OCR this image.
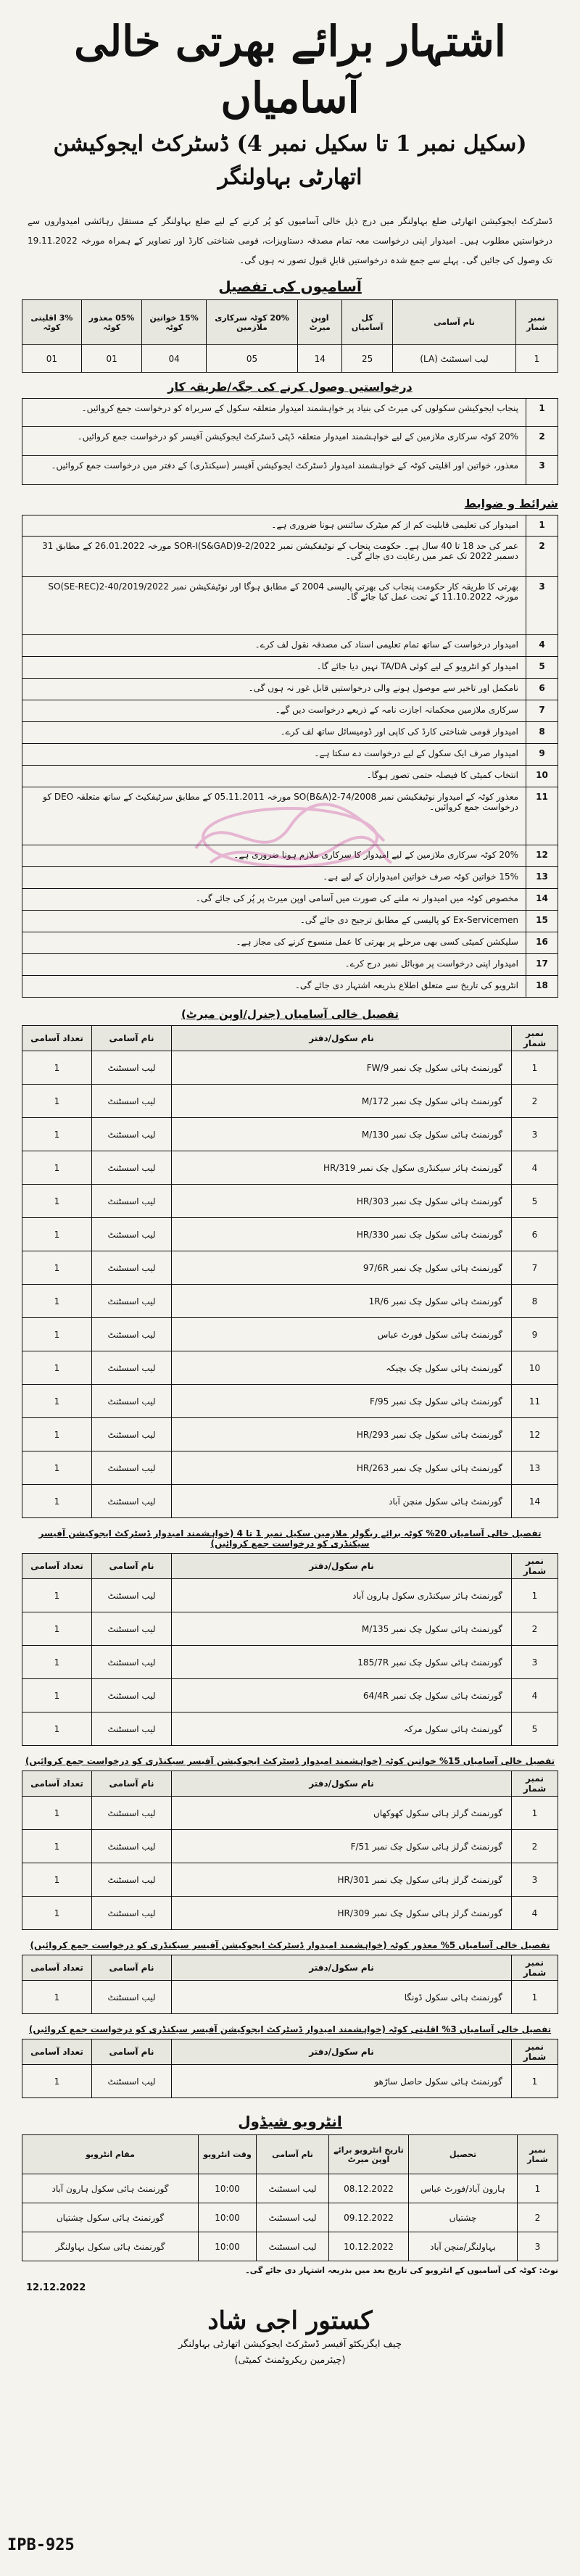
اشتہار برائے بھرتی خالی آسامیاں
(سکیل نمبر 1 تا سکیل نمبر 4) ڈسٹرکٹ ایجوکیشن اتھارٹی بہاولنگر

ڈسٹرکٹ ایجوکیشن اتھارٹی ضلع بہاولنگر میں درج ذیل خالی آسامیوں کو پُر کرنے کے لیے ضلع بہاولنگر کے مستقل رہائشی امیدواروں سے درخواستیں مطلوب ہیں۔ امیدوار اپنی درخواست معہ تمام مصدقہ دستاویزات، قومی شناختی کارڈ اور تصاویر کے ہمراہ مورخہ 19.11.2022 تک وصول کی جائیں گی۔ پہلے سے جمع شدہ درخواستیں قابلِ قبول تصور نہ ہوں گی۔

آسامیوں کی تفصیل
نمبر شمار	نام آسامی	کل آسامیاں	اوپن میرٹ	20% کوٹہ سرکاری ملازمین	15% خواتین کوٹہ	05% معذور کوٹہ	3% اقلیتی کوٹہ
1	لیب اسسٹنٹ (LA)	25	14	05	04	01	01
درخواستیں وصول کرنے کی جگہ/طریقہ کار
1
پنجاب ایجوکیشن سکولوں کی میرٹ کی بنیاد پر خواہشمند امیدوار متعلقہ سکول کے سربراہ کو درخواست جمع کروائیں۔
2
20% کوٹہ سرکاری ملازمین کے لیے خواہشمند امیدوار متعلقہ ڈپٹی ڈسٹرکٹ ایجوکیشن آفیسر کو درخواست جمع کروائیں۔
3
معذور، خواتین اور اقلیتی کوٹہ کے خواہشمند امیدوار ڈسٹرکٹ ایجوکیشن آفیسر (سیکنڈری) کے دفتر میں درخواست جمع کروائیں۔
شرائط و ضوابط
1
امیدوار کی تعلیمی قابلیت کم از کم میٹرک سائنس ہونا ضروری ہے۔
2
عمر کی حد 18 تا 40 سال ہے۔ حکومت پنجاب کے نوٹیفکیشن نمبر SOR-I(S&GAD)9-2/2022 مورخہ 26.01.2022 کے مطابق 31 دسمبر 2022 تک عمر میں رعایت دی جائے گی۔
3
بھرتی کا طریقہ کار حکومت پنجاب کی بھرتی پالیسی 2004 کے مطابق ہوگا اور نوٹیفکیشن نمبر SO(SE-REC)2-40/2019/2022 مورخہ 11.10.2022 کے تحت عمل کیا جائے گا۔
4
امیدوار درخواست کے ساتھ تمام تعلیمی اسناد کی مصدقہ نقول لف کرے۔
5
امیدوار کو انٹرویو کے لیے کوئی TA/DA نہیں دیا جائے گا۔
6
نامکمل اور تاخیر سے موصول ہونے والی درخواستیں قابل غور نہ ہوں گی۔
7
سرکاری ملازمین محکمانہ اجازت نامہ کے ذریعے درخواست دیں گے۔
8
امیدوار قومی شناختی کارڈ کی کاپی اور ڈومیسائل ساتھ لف کرے۔
9
امیدوار صرف ایک سکول کے لیے درخواست دے سکتا ہے۔
10
انتخاب کمیٹی کا فیصلہ حتمی تصور ہوگا۔
11
معذور کوٹہ کے امیدوار نوٹیفکیشن نمبر SO(B&A)2-74/2008 مورخہ 05.11.2011 کے مطابق سرٹیفکیٹ کے ساتھ متعلقہ DEO کو درخواست جمع کروائیں۔
12
20% کوٹہ سرکاری ملازمین کے لیے امیدوار کا سرکاری ملازم ہونا ضروری ہے۔
13
15% خواتین کوٹہ صرف خواتین امیدواران کے لیے ہے۔
14
مخصوص کوٹہ میں امیدوار نہ ملنے کی صورت میں آسامی اوپن میرٹ پر پُر کی جائے گی۔
15
Ex-Servicemen کو پالیسی کے مطابق ترجیح دی جائے گی۔
16
سلیکشن کمیٹی کسی بھی مرحلے پر بھرتی کا عمل منسوخ کرنے کی مجاز ہے۔
17
امیدوار اپنی درخواست پر موبائل نمبر درج کرے۔
18
انٹرویو کی تاریخ سے متعلق اطلاع بذریعہ اشتہار دی جائے گی۔
تفصیل خالی آسامیاں (جنرل/اوپن میرٹ)
نمبر شمار	نام سکول/دفتر	نام آسامی	تعداد آسامی
1	گورنمنٹ ہائی سکول چک نمبر 9/FW	لیب اسسٹنٹ	1
2	گورنمنٹ ہائی سکول چک نمبر 172/M	لیب اسسٹنٹ	1
3	گورنمنٹ ہائی سکول چک نمبر 130/M	لیب اسسٹنٹ	1
4	گورنمنٹ ہائر سیکنڈری سکول چک نمبر 319/HR	لیب اسسٹنٹ	1
5	گورنمنٹ ہائی سکول چک نمبر 303/HR	لیب اسسٹنٹ	1
6	گورنمنٹ ہائی سکول چک نمبر 330/HR	لیب اسسٹنٹ	1
7	گورنمنٹ ہائی سکول چک نمبر 97/6R	لیب اسسٹنٹ	1
8	گورنمنٹ ہائی سکول چک نمبر 1R/6	لیب اسسٹنٹ	1
9	گورنمنٹ ہائی سکول فورٹ عباس	لیب اسسٹنٹ	1
10	گورنمنٹ ہائی سکول چک بچیکہ	لیب اسسٹنٹ	1
11	گورنمنٹ ہائی سکول چک نمبر 95/F	لیب اسسٹنٹ	1
12	گورنمنٹ ہائی سکول چک نمبر 293/HR	لیب اسسٹنٹ	1
13	گورنمنٹ ہائی سکول چک نمبر 263/HR	لیب اسسٹنٹ	1
14	گورنمنٹ ہائی سکول منچن آباد	لیب اسسٹنٹ	1
تفصیل خالی آسامیاں 20% کوٹہ برائے ریگولر ملازمین سکیل نمبر 1 تا 4 (خواہشمند امیدوار ڈسٹرکٹ ایجوکیشن آفیسر سیکنڈری کو درخواست جمع کروائیں)
نمبر شمار	نام سکول/دفتر	نام آسامی	تعداد آسامی
1	گورنمنٹ ہائر سیکنڈری سکول ہارون آباد	لیب اسسٹنٹ	1
2	گورنمنٹ ہائی سکول چک نمبر 135/M	لیب اسسٹنٹ	1
3	گورنمنٹ ہائی سکول چک نمبر 185/7R	لیب اسسٹنٹ	1
4	گورنمنٹ ہائی سکول چک نمبر 64/4R	لیب اسسٹنٹ	1
5	گورنمنٹ ہائی سکول مرکہ	لیب اسسٹنٹ	1
تفصیل خالی آسامیاں 15% خواتین کوٹہ (خواہشمند امیدوار ڈسٹرکٹ ایجوکیشن آفیسر سیکنڈری کو درخواست جمع کروائیں)
نمبر شمار	نام سکول/دفتر	نام آسامی	تعداد آسامی
1	گورنمنٹ گرلز ہائی سکول کھوکھاں	لیب اسسٹنٹ	1
2	گورنمنٹ گرلز ہائی سکول چک نمبر 51/F	لیب اسسٹنٹ	1
3	گورنمنٹ گرلز ہائی سکول چک نمبر 301/HR	لیب اسسٹنٹ	1
4	گورنمنٹ گرلز ہائی سکول چک نمبر 309/HR	لیب اسسٹنٹ	1
تفصیل خالی آسامیاں 5% معذور کوٹہ (خواہشمند امیدوار ڈسٹرکٹ ایجوکیشن آفیسر سیکنڈری کو درخواست جمع کروائیں)
نمبر شمار	نام سکول/دفتر	نام آسامی	تعداد آسامی
1	گورنمنٹ ہائی سکول ڈونگا	لیب اسسٹنٹ	1
تفصیل خالی آسامیاں 3% اقلیتی کوٹہ (خواہشمند امیدوار ڈسٹرکٹ ایجوکیشن آفیسر سیکنڈری کو درخواست جمع کروائیں)
نمبر شمار	نام سکول/دفتر	نام آسامی	تعداد آسامی
1	گورنمنٹ ہائی سکول حاصل ساڑھو	لیب اسسٹنٹ	1
انٹرویو شیڈول
نمبر شمار	تحصیل	تاریخ انٹرویو برائے اوپن میرٹ	نام آسامی	وقت انٹرویو	مقام انٹرویو
1	ہارون آباد/فورٹ عباس	08.12.2022	لیب اسسٹنٹ	10:00	گورنمنٹ ہائی سکول ہارون آباد
2	چشتیاں	09.12.2022	لیب اسسٹنٹ	10:00	گورنمنٹ ہائی سکول چشتیاں
3	بہاولنگر/منچن آباد	10.12.2022	لیب اسسٹنٹ	10:00	گورنمنٹ ہائی سکول بہاولنگر
نوٹ: کوٹہ کی آسامیوں کے انٹرویو کی تاریخ بعد میں بذریعہ اشتہار دی جائے گی۔
12.12.2022
کستور اجی شاد
چیف ایگزیکٹو آفیسر ڈسٹرکٹ ایجوکیشن اتھارٹی بہاولنگر
(چیئرمین ریکروٹمنٹ کمیٹی)
IPB-925
